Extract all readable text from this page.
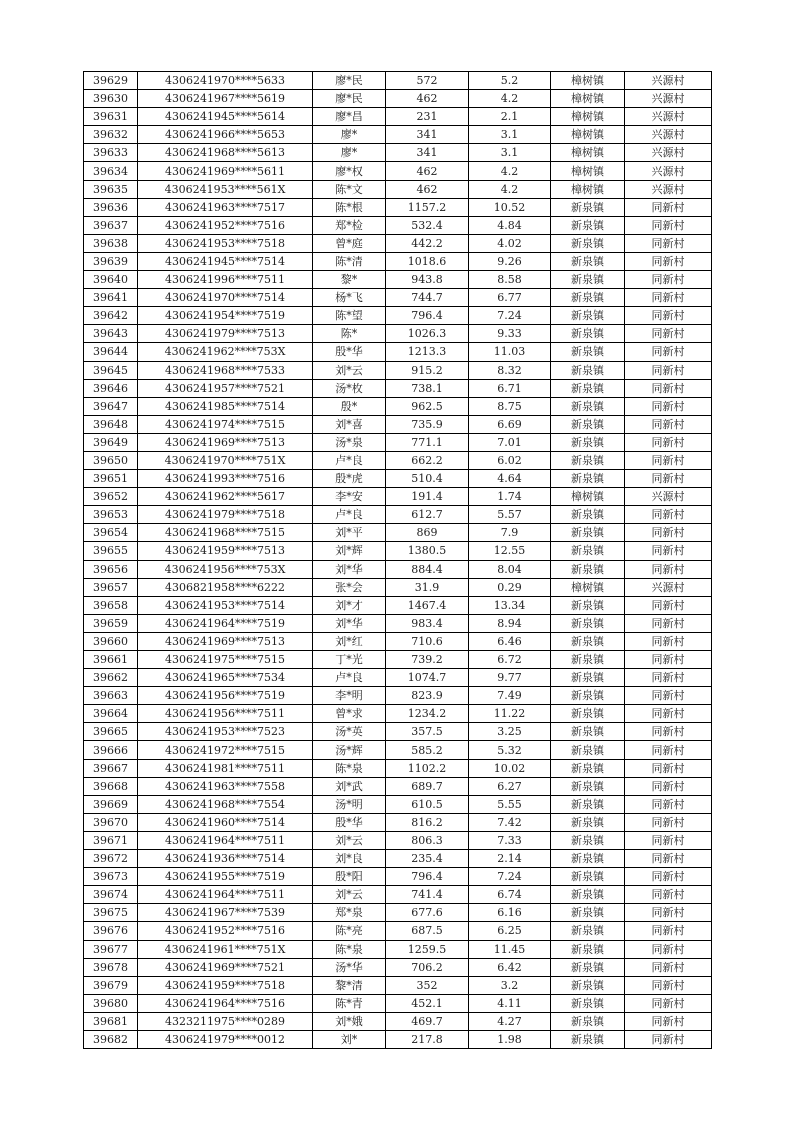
39629	4306241970****5633	廖*民	572	5.2	樟树镇	兴源村
39630	4306241967****5619	廖*民	462	4.2	樟树镇	兴源村
39631	4306241945****5614	廖*昌	231	2.1	樟树镇	兴源村
39632	4306241966****5653	廖*	341	3.1	樟树镇	兴源村
39633	4306241968****5613	廖*	341	3.1	樟树镇	兴源村
39634	4306241969****5611	廖*权	462	4.2	樟树镇	兴源村
39635	4306241953****561X	陈*文	462	4.2	樟树镇	兴源村
39636	4306241963****7517	陈*根	1157.2	10.52	新泉镇	同新村
39637	4306241952****7516	郑*检	532.4	4.84	新泉镇	同新村
39638	4306241953****7518	曾*庭	442.2	4.02	新泉镇	同新村
39639	4306241945****7514	陈*清	1018.6	9.26	新泉镇	同新村
39640	4306241996****7511	黎*	943.8	8.58	新泉镇	同新村
39641	4306241970****7514	杨*飞	744.7	6.77	新泉镇	同新村
39642	4306241954****7519	陈*望	796.4	7.24	新泉镇	同新村
39643	4306241979****7513	陈*	1026.3	9.33	新泉镇	同新村
39644	4306241962****753X	殷*华	1213.3	11.03	新泉镇	同新村
39645	4306241968****7533	刘*云	915.2	8.32	新泉镇	同新村
39646	4306241957****7521	汤*枚	738.1	6.71	新泉镇	同新村
39647	4306241985****7514	殷*	962.5	8.75	新泉镇	同新村
39648	4306241974****7515	刘*喜	735.9	6.69	新泉镇	同新村
39649	4306241969****7513	汤*泉	771.1	7.01	新泉镇	同新村
39650	4306241970****751X	卢*良	662.2	6.02	新泉镇	同新村
39651	4306241993****7516	殷*虎	510.4	4.64	新泉镇	同新村
39652	4306241962****5617	李*安	191.4	1.74	樟树镇	兴源村
39653	4306241979****7518	卢*良	612.7	5.57	新泉镇	同新村
39654	4306241968****7515	刘*平	869	7.9	新泉镇	同新村
39655	4306241959****7513	刘*辉	1380.5	12.55	新泉镇	同新村
39656	4306241956****753X	刘*华	884.4	8.04	新泉镇	同新村
39657	4306821958****6222	张*会	31.9	0.29	樟树镇	兴源村
39658	4306241953****7514	刘*才	1467.4	13.34	新泉镇	同新村
39659	4306241964****7519	刘*华	983.4	8.94	新泉镇	同新村
39660	4306241969****7513	刘*红	710.6	6.46	新泉镇	同新村
39661	4306241975****7515	丁*光	739.2	6.72	新泉镇	同新村
39662	4306241965****7534	卢*良	1074.7	9.77	新泉镇	同新村
39663	4306241956****7519	李*明	823.9	7.49	新泉镇	同新村
39664	4306241956****7511	曾*求	1234.2	11.22	新泉镇	同新村
39665	4306241953****7523	汤*英	357.5	3.25	新泉镇	同新村
39666	4306241972****7515	汤*辉	585.2	5.32	新泉镇	同新村
39667	4306241981****7511	陈*泉	1102.2	10.02	新泉镇	同新村
39668	4306241963****7558	刘*武	689.7	6.27	新泉镇	同新村
39669	4306241968****7554	汤*明	610.5	5.55	新泉镇	同新村
39670	4306241960****7514	殷*华	816.2	7.42	新泉镇	同新村
39671	4306241964****7511	刘*云	806.3	7.33	新泉镇	同新村
39672	4306241936****7514	刘*良	235.4	2.14	新泉镇	同新村
39673	4306241955****7519	殷*阳	796.4	7.24	新泉镇	同新村
39674	4306241964****7511	刘*云	741.4	6.74	新泉镇	同新村
39675	4306241967****7539	郑*泉	677.6	6.16	新泉镇	同新村
39676	4306241952****7516	陈*亮	687.5	6.25	新泉镇	同新村
39677	4306241961****751X	陈*泉	1259.5	11.45	新泉镇	同新村
39678	4306241969****7521	汤*华	706.2	6.42	新泉镇	同新村
39679	4306241959****7518	黎*清	352	3.2	新泉镇	同新村
39680	4306241964****7516	陈*青	452.1	4.11	新泉镇	同新村
39681	4323211975****0289	刘*娥	469.7	4.27	新泉镇	同新村
39682	4306241979****0012	刘*	217.8	1.98	新泉镇	同新村
